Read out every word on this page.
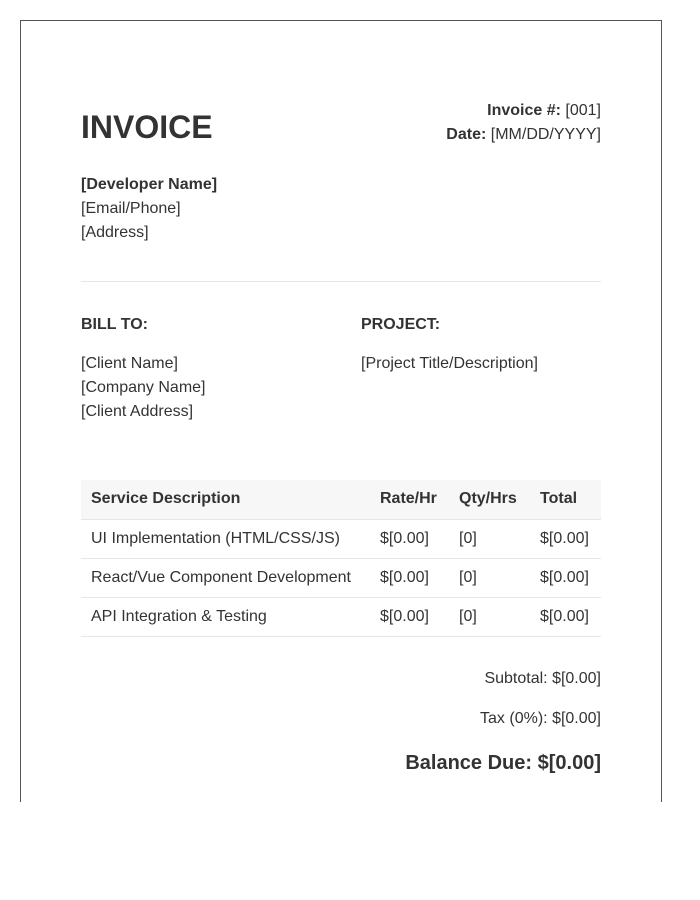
INVOICE	Invoice #: [001]
Date: [MM/DD/YYYY]
[Developer Name]
[Email/Phone]
[Address]
BILL TO:	PROJECT:
[Client Name]
[Company Name]
[Client Address]
[Project Title/Description]
Service Description	Rate/Hr	Qty/Hrs	Total
UI Implementation (HTML/CSS/JS)	$[0.00]	[0]	$[0.00]
React/Vue Component Development	$[0.00]	[0]	$[0.00]
API Integration & Testing	$[0.00]	[0]	$[0.00]
Subtotal: $[0.00]
Tax (0%): $[0.00]
Balance Due: $[0.00]
